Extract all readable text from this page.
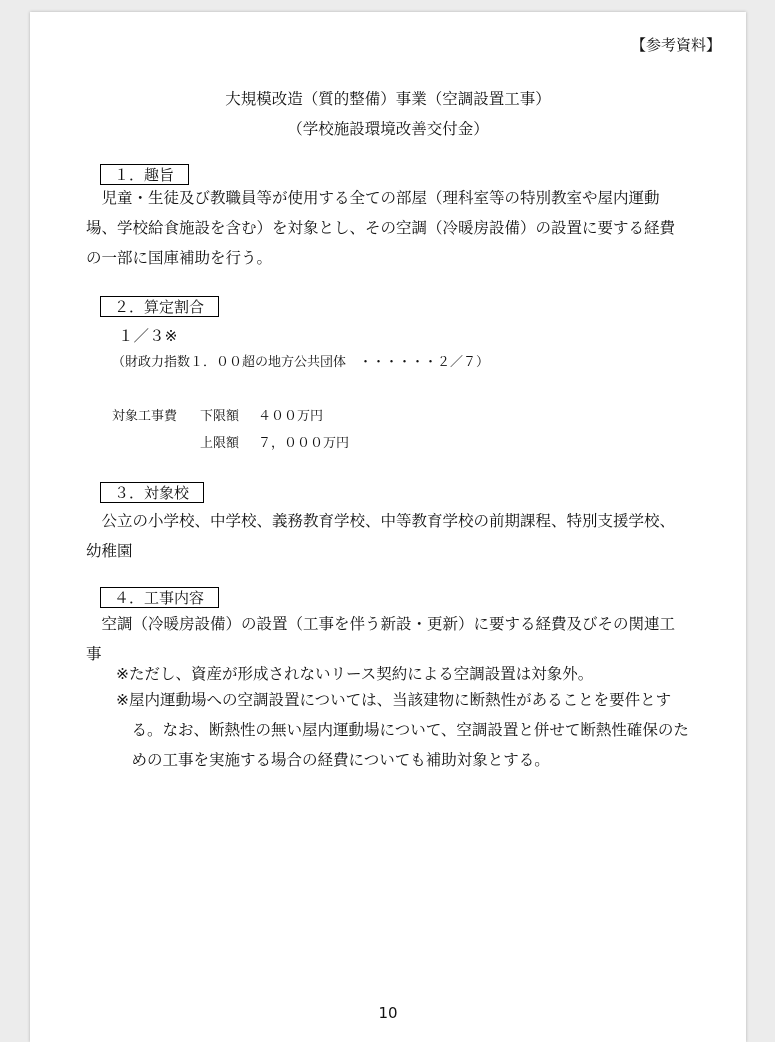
【参考資料】
大規模改造（質的整備）事業（空調設置工事）
（学校施設環境改善交付金）
１．趣旨
児童・生徒及び教職員等が使用する全ての部屋（理科室等の特別教室や屋内運動場、学校給食施設を含む）を対象とし、その空調（冷暖房設備）の設置に要する経費の一部に国庫補助を行う。
２．算定割合
１／３※
（財政力指数１．００超の地方公共団体　・・・・・・２／７）
対象工事費 下限額 ４００万円
上限額 ７，０００万円
３．対象校
公立の小学校、中学校、義務教育学校、中等教育学校の前期課程、特別支援学校、幼稚園
４．工事内容
空調（冷暖房設備）の設置（工事を伴う新設・更新）に要する経費及びその関連工事
※ただし、資産が形成されないリース契約による空調設置は対象外。
※屋内運動場への空調設置については、当該建物に断熱性があることを要件とする。なお、断熱性の無い屋内運動場について、空調設置と併せて断熱性確保のための工事を実施する場合の経費についても補助対象とする。
10
